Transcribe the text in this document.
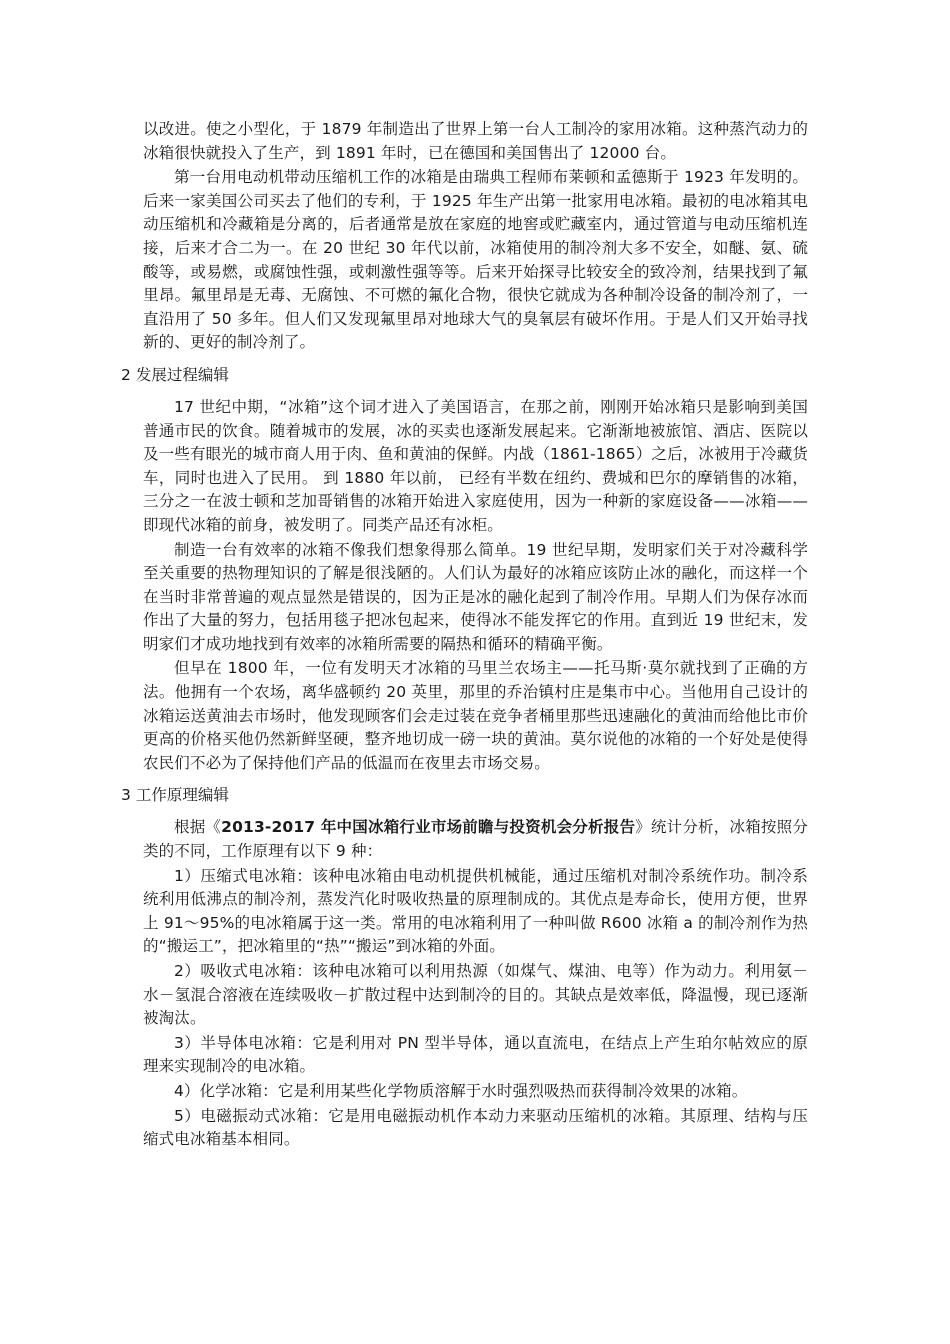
以改进。使之小型化，于 1879 年制造出了世界上第一台人工制冷的家用冰箱。这种蒸汽动力的冰箱很快就投入了生产，到 1891 年时，已在德国和美国售出了 12000 台。

第一台用电动机带动压缩机工作的冰箱是由瑞典工程师布莱顿和孟德斯于 1923 年发明的。后来一家美国公司买去了他们的专利，于 1925 年生产出第一批家用电冰箱。最初的电冰箱其电动压缩机和冷藏箱是分离的，后者通常是放在家庭的地窖或贮藏室内，通过管道与电动压缩机连接，后来才合二为一。在 20 世纪 30 年代以前，冰箱使用的制冷剂大多不安全，如醚、氨、硫酸等，或易燃，或腐蚀性强，或刺激性强等等。后来开始探寻比较安全的致冷剂，结果找到了氟里昂。氟里昂是无毒、无腐蚀、不可燃的氟化合物，很快它就成为各种制冷设备的制冷剂了，一直沿用了 50 多年。但人们又发现氟里昂对地球大气的臭氧层有破坏作用。于是人们又开始寻找新的、更好的制冷剂了。

2 发展过程编辑

17 世纪中期，“冰箱”这个词才进入了美国语言，在那之前，刚刚开始冰箱只是影响到美国普通市民的饮食。随着城市的发展，冰的买卖也逐渐发展起来。它渐渐地被旅馆、酒店、医院以及一些有眼光的城市商人用于肉、鱼和黄油的保鲜。内战（1861-1865）之后，冰被用于冷藏货车，同时也进入了民用。 到 1880 年以前， 已经有半数在纽约、费城和巴尔的摩销售的冰箱， 三分之一在波士顿和芝加哥销售的冰箱开始进入家庭使用，因为一种新的家庭设备——冰箱——即现代冰箱的前身，被发明了。同类产品还有冰柜。

制造一台有效率的冰箱不像我们想象得那么简单。19 世纪早期，发明家们关于对冷藏科学至关重要的热物理知识的了解是很浅陋的。人们认为最好的冰箱应该防止冰的融化，而这样一个在当时非常普遍的观点显然是错误的，因为正是冰的融化起到了制冷作用。早期人们为保存冰而作出了大量的努力，包括用毯子把冰包起来，使得冰不能发挥它的作用。直到近 19 世纪末，发明家们才成功地找到有效率的冰箱所需要的隔热和循环的精确平衡。

但早在 1800 年，一位有发明天才冰箱的马里兰农场主——托马斯·莫尔就找到了正确的方法。他拥有一个农场，离华盛顿约 20 英里，那里的乔治镇村庄是集市中心。当他用自己设计的冰箱运送黄油去市场时，他发现顾客们会走过装在竞争者桶里那些迅速融化的黄油而给他比市价更高的价格买他仍然新鲜坚硬，整齐地切成一磅一块的黄油。莫尔说他的冰箱的一个好处是使得农民们不必为了保持他们产品的低温而在夜里去市场交易。

3 工作原理编辑

根据《2013-2017 年中国冰箱行业市场前瞻与投资机会分析报告》统计分析，冰箱按照分类的不同，工作原理有以下 9 种：

1）压缩式电冰箱：该种电冰箱由电动机提供机械能，通过压缩机对制冷系统作功。制冷系统利用低沸点的制冷剂，蒸发汽化时吸收热量的原理制成的。其优点是寿命长，使用方便，世界上 91～95%的电冰箱属于这一类。常用的电冰箱利用了一种叫做 R600 冰箱 a 的制冷剂作为热的“搬运工”，把冰箱里的“热”“搬运”到冰箱的外面。

2）吸收式电冰箱：该种电冰箱可以利用热源（如煤气、煤油、电等）作为动力。利用氨－水－氢混合溶液在连续吸收－扩散过程中达到制冷的目的。其缺点是效率低，降温慢，现已逐渐被淘汰。

3）半导体电冰箱：它是利用对 PN 型半导体，通以直流电，在结点上产生珀尔帖效应的原理来实现制冷的电冰箱。

4）化学冰箱：它是利用某些化学物质溶解于水时强烈吸热而获得制冷效果的冰箱。

5）电磁振动式冰箱：它是用电磁振动机作本动力来驱动压缩机的冰箱。其原理、结构与压缩式电冰箱基本相同。
